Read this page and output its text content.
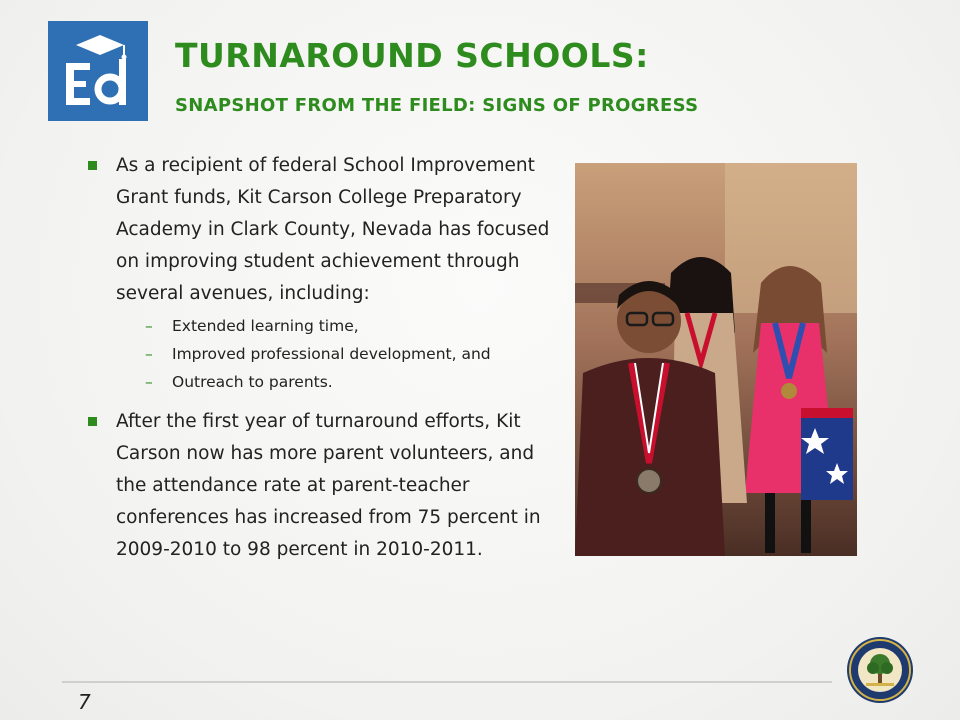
TURNAROUND SCHOOLS:
SNAPSHOT FROM THE FIELD: SIGNS OF PROGRESS
As a recipient of federal School Improvement Grant funds, Kit Carson College Preparatory Academy in Clark County, Nevada has focused on improving student achievement through several avenues, including:
– Extended learning time,
– Improved professional development, and
– Outreach to parents.
After the first year of turnaround efforts, Kit Carson now has more parent volunteers, and the attendance rate at parent-teacher conferences has increased from 75 percent in 2009-2010 to 98 percent in 2010-2011.
7
